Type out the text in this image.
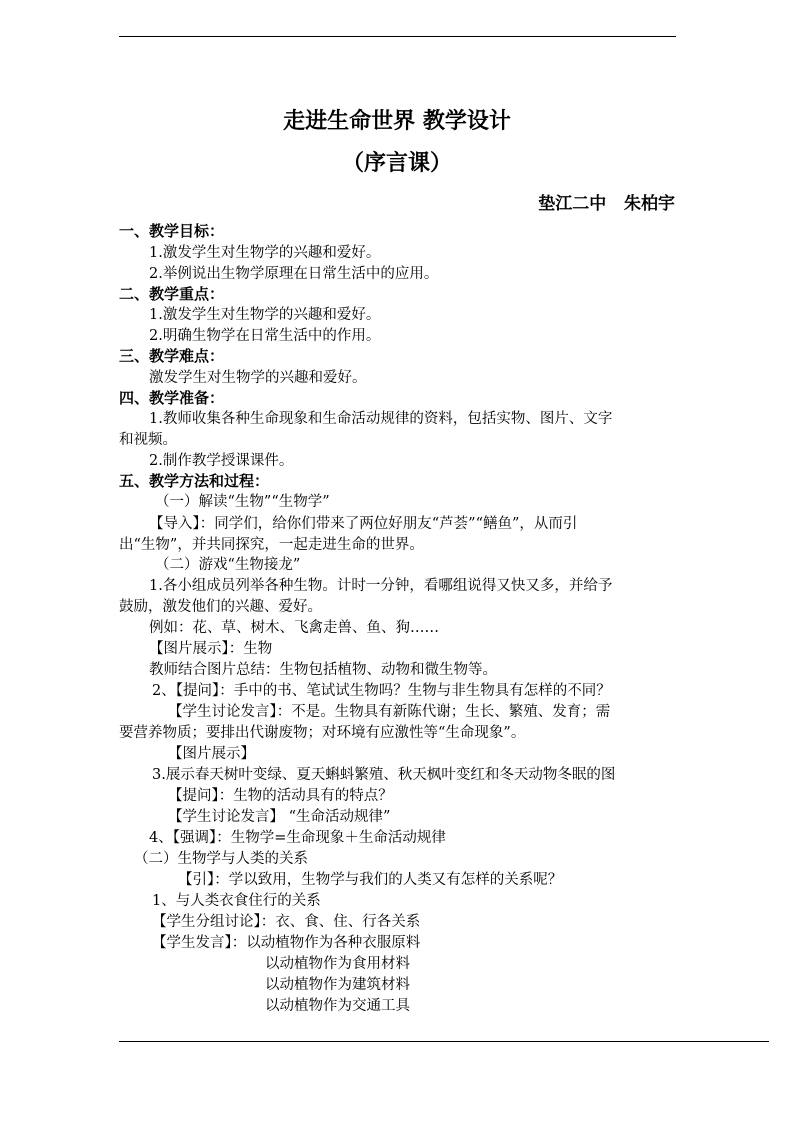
走进生命世界 教学设计
（序言课）
垫江二中   朱柏宇
一、教学目标：
1.激发学生对生物学的兴趣和爱好。
2.举例说出生物学原理在日常生活中的应用。
二、教学重点：
1.激发学生对生物学的兴趣和爱好。
2.明确生物学在日常生活中的作用。
三、教学难点：
激发学生对生物学的兴趣和爱好。
四、教学准备：
1.教师收集各种生命现象和生命活动规律的资料，包括实物、图片、文字
和视频。
2.制作教学授课课件。
五、教学方法和过程：
（一）解读“生物”“生物学”
【导入】：同学们，给你们带来了两位好朋友“芦荟”“鳝鱼”，从而引
出“生物”，并共同探究，一起走进生命的世界。
（二）游戏“生物接龙”
1.各小组成员列举各种生物。计时一分钟，看哪组说得又快又多，并给予
鼓励，激发他们的兴趣、爱好。
例如：花、草、树木、飞禽走兽、鱼、狗……
【图片展示】：生物
教师结合图片总结：生物包括植物、动物和微生物等。
2、【提问】：手中的书、笔试试生物吗？生物与非生物具有怎样的不同？
【学生讨论发言】：不是。生物具有新陈代谢；生长、繁殖、发育；需
要营养物质；要排出代谢废物；对环境有应激性等“生命现象”。
【图片展示】
3.展示春天树叶变绿、夏天蝌蚪繁殖、秋天枫叶变红和冬天动物冬眠的图
【提问】：生物的活动具有的特点？
【学生讨论发言】 “生命活动规律”
4、【强调】：生物学=生命现象＋生命活动规律
（二）生物学与人类的关系
【引】：学以致用，生物学与我们的人类又有怎样的关系呢？
1、与人类衣食住行的关系
【学生分组讨论】：衣、食、住、行各关系
【学生发言】：以动植物作为各种衣服原料
以动植物作为食用材料
以动植物作为建筑材料
以动植物作为交通工具
